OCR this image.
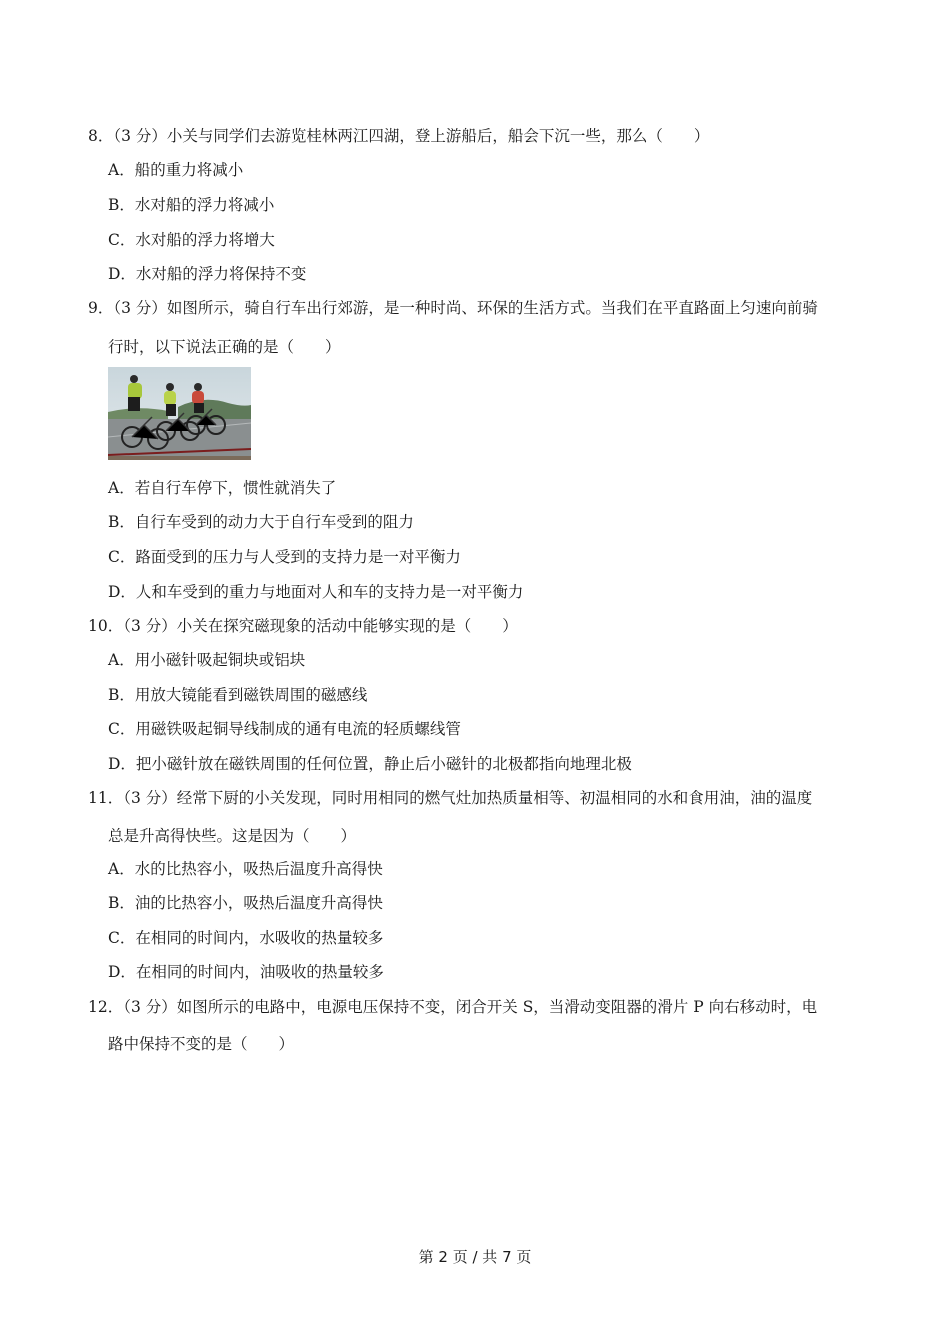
8．（3 分）小关与同学们去游览桂林两江四湖，登上游船后，船会下沉一些，那么（　　）
A．船的重力将减小
B．水对船的浮力将减小
C．水对船的浮力将增大
D．水对船的浮力将保持不变
9．（3 分）如图所示，骑自行车出行郊游，是一种时尚、环保的生活方式。当我们在平直路面上匀速向前骑
行时，以下说法正确的是（　　）
A．若自行车停下，惯性就消失了
B．自行车受到的动力大于自行车受到的阻力
C．路面受到的压力与人受到的支持力是一对平衡力
D．人和车受到的重力与地面对人和车的支持力是一对平衡力
10．（3 分）小关在探究磁现象的活动中能够实现的是（　　）
A．用小磁针吸起铜块或铝块
B．用放大镜能看到磁铁周围的磁感线
C．用磁铁吸起铜导线制成的通有电流的轻质螺线管
D．把小磁针放在磁铁周围的任何位置，静止后小磁针的北极都指向地理北极
11．（3 分）经常下厨的小关发现，同时用相同的燃气灶加热质量相等、初温相同的水和食用油，油的温度
总是升高得快些。这是因为（　　）
A．水的比热容小，吸热后温度升高得快
B．油的比热容小，吸热后温度升高得快
C．在相同的时间内，水吸收的热量较多
D．在相同的时间内，油吸收的热量较多
12．（3 分）如图所示的电路中，电源电压保持不变，闭合开关 S，当滑动变阻器的滑片 P 向右移动时，电
路中保持不变的是（　　）
第 2 页 / 共 7 页
